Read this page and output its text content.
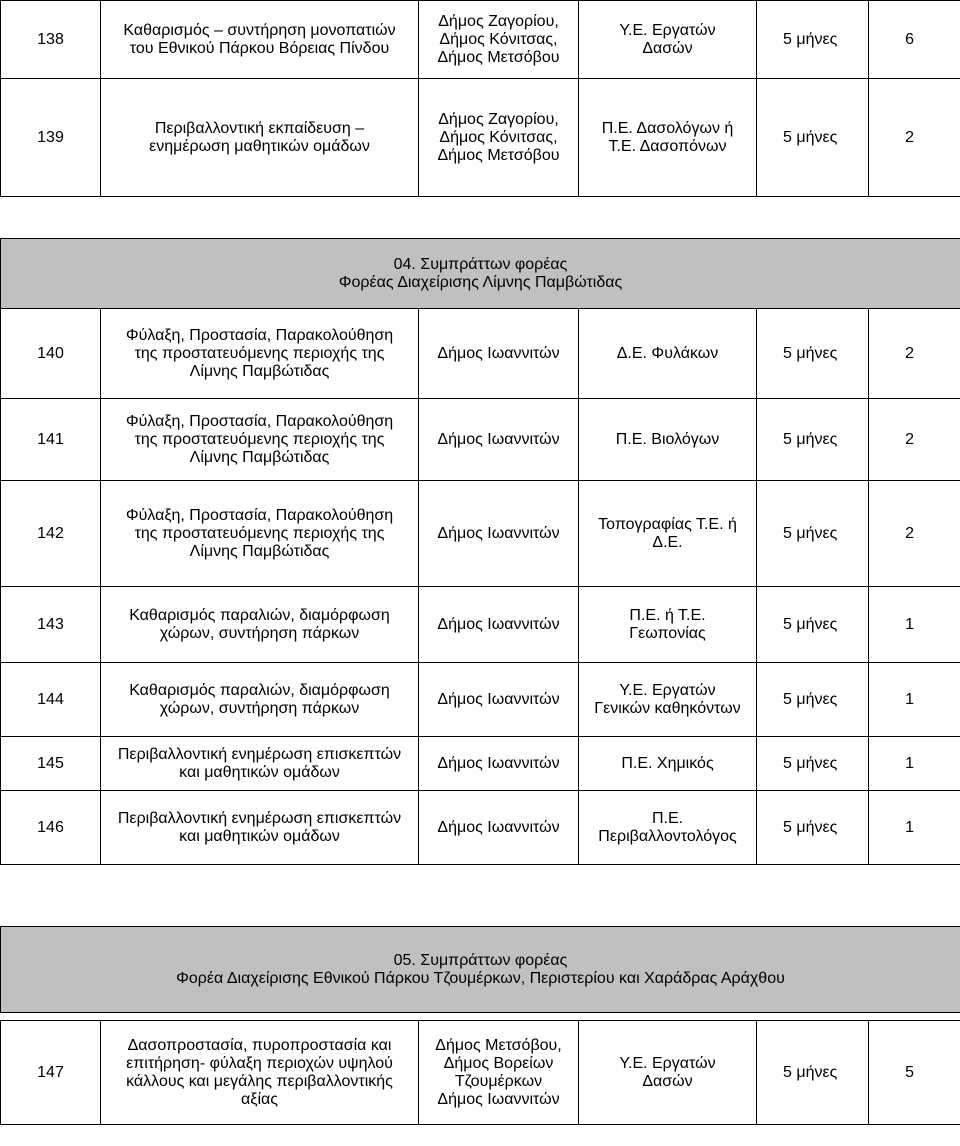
138	Καθαρισμός – συντήρηση μονοπατιών
του Εθνικού Πάρκου Βόρειας Πίνδου	Δήμος Ζαγορίου,
Δήμος Κόνιτσας,
Δήμος Μετσόβου	Υ.Ε. Εργατών
Δασών	5 μήνες	6
139	Περιβαλλοντική εκπαίδευση –
ενημέρωση μαθητικών ομάδων	Δήμος Ζαγορίου,
Δήμος Κόνιτσας,
Δήμος Μετσόβου	Π.Ε. Δασολόγων ή
Τ.Ε. Δασοπόνων	5 μήνες	2

04. Συμπράττων φορέας
Φορέας Διαχείρισης Λίμνης Παμβώτιδας					

140	Φύλαξη, Προστασία, Παρακολούθηση
της προστατευόμενης περιοχής της
Λίμνης Παμβώτιδας	Δήμος Ιωαννιτών	Δ.Ε. Φυλάκων	5 μήνες	2
141	Φύλαξη, Προστασία, Παρακολούθηση
της προστατευόμενης περιοχής της
Λίμνης Παμβώτιδας	Δήμος Ιωαννιτών	Π.Ε. Βιολόγων	5 μήνες	2
142	Φύλαξη, Προστασία, Παρακολούθηση
της προστατευόμενης περιοχής της
Λίμνης Παμβώτιδας	Δήμος Ιωαννιτών	Τοπογραφίας Τ.Ε. ή
Δ.Ε.	5 μήνες	2
143	Καθαρισμός παραλιών, διαμόρφωση
χώρων, συντήρηση πάρκων	Δήμος Ιωαννιτών	Π.Ε. ή Τ.Ε.
Γεωπονίας	5 μήνες	1
144	Καθαρισμός παραλιών, διαμόρφωση
χώρων, συντήρηση πάρκων	Δήμος Ιωαννιτών	Υ.Ε. Εργατών
Γενικών καθηκόντων	5 μήνες	1
145	Περιβαλλοντική ενημέρωση επισκεπτών
και μαθητικών ομάδων	Δήμος Ιωαννιτών	Π.Ε. Χημικός	5 μήνες	1
146	Περιβαλλοντική ενημέρωση επισκεπτών
και μαθητικών ομάδων	Δήμος Ιωαννιτών	Π.Ε.
Περιβαλλοντολόγος	5 μήνες	1

05. Συμπράττων φορέας
Φορέα Διαχείρισης Εθνικού Πάρκου Τζουμέρκων, Περιστερίου και Χαράδρας Αράχθου					

147	Δασοπροστασία, πυροπροστασία και
επιτήρηση- φύλαξη περιοχών υψηλού
κάλλους και μεγάλης περιβαλλοντικής
αξίας	Δήμος Μετσόβου,
Δήμος Βορείων
Τζουμέρκων
Δήμος Ιωαννιτών	Υ.Ε. Εργατών
Δασών	5 μήνες	5
